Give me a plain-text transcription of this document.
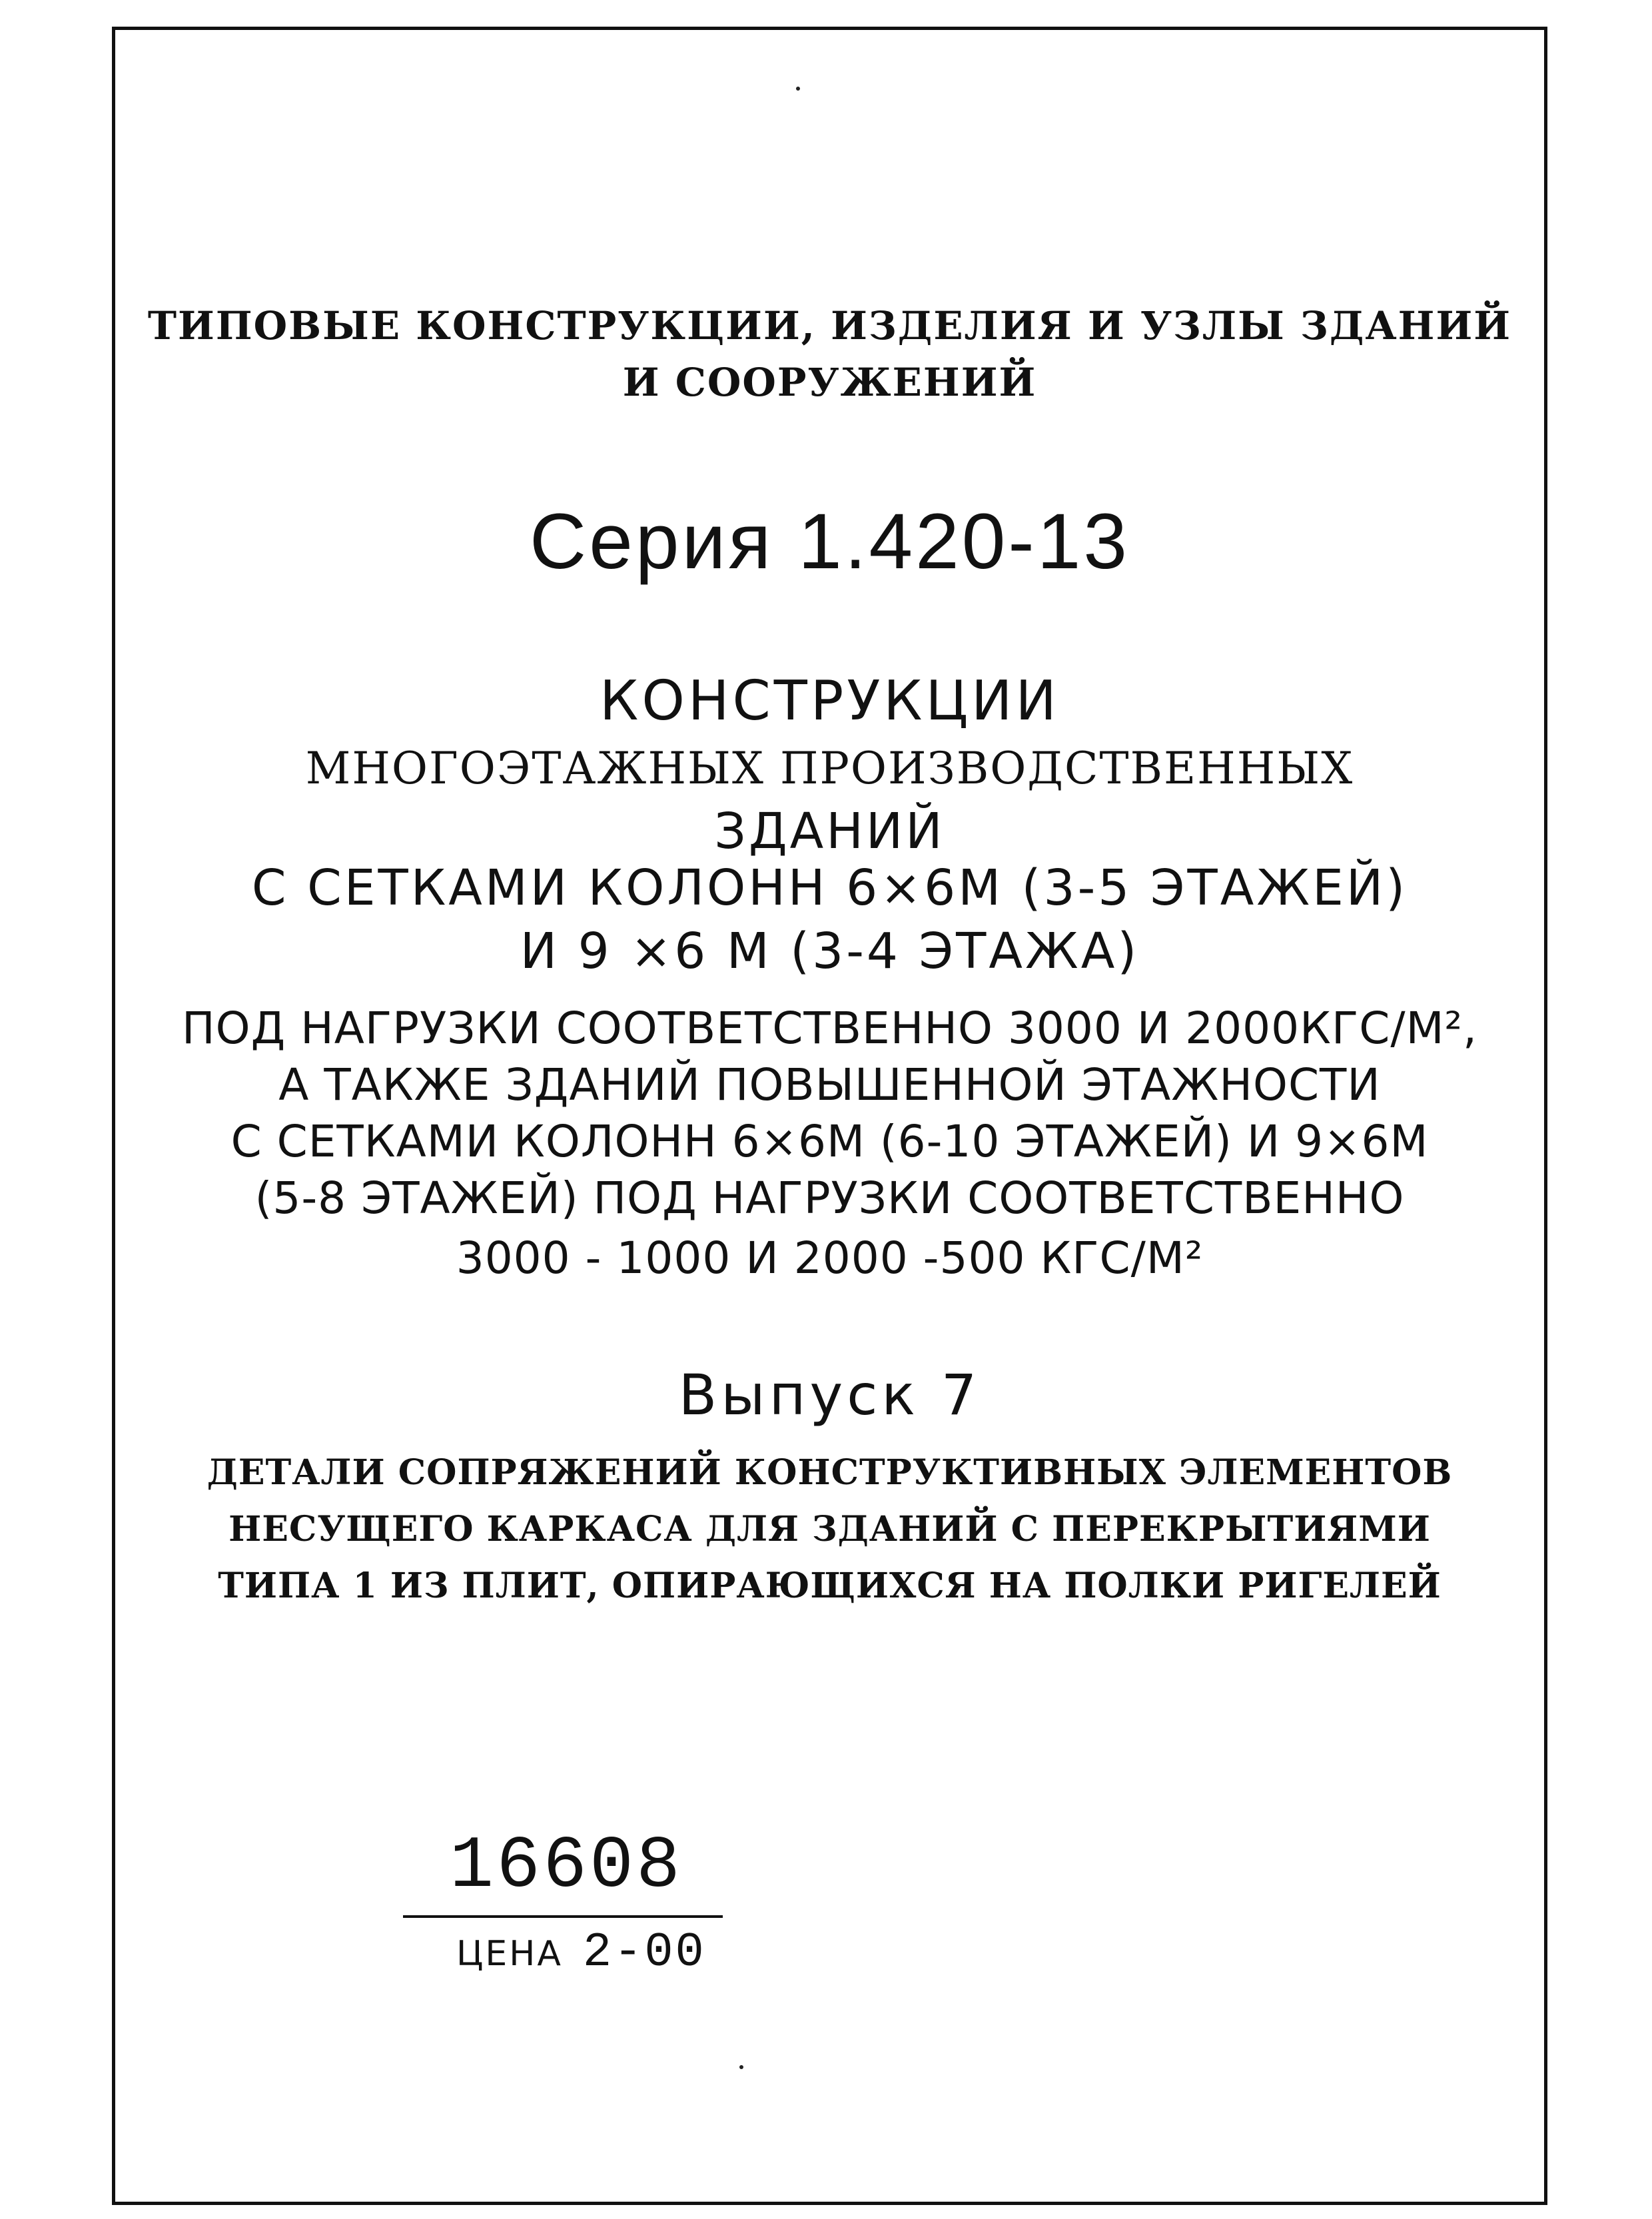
ТИПОВЫЕ КОНСТРУКЦИИ, ИЗДЕЛИЯ И УЗЛЫ ЗДАНИЙ
И СООРУЖЕНИЙ
Серия 1.420-13
КОНСТРУКЦИИ
МНОГОЭТАЖНЫХ ПРОИЗВОДСТВЕННЫХ
ЗДАНИЙ
С СЕТКАМИ КОЛОНН 6×6М (3-5 ЭТАЖЕЙ)
И 9 ×6 М (3-4 ЭТАЖА)
ПОД НАГРУЗКИ СООТВЕТСТВЕННО 3000 И 2000КГС/М²,
А ТАКЖЕ ЗДАНИЙ ПОВЫШЕННОЙ ЭТАЖНОСТИ
С СЕТКАМИ КОЛОНН 6×6М (6-10 ЭТАЖЕЙ) И 9×6М
(5-8 ЭТАЖЕЙ) ПОД НАГРУЗКИ СООТВЕТСТВЕННО
3000 - 1000 И 2000 -500 КГС/М²
Выпуск 7
ДЕТАЛИ СОПРЯЖЕНИЙ КОНСТРУКТИВНЫХ ЭЛЕМЕНТОВ
НЕСУЩЕГО КАРКАСА ДЛЯ ЗДАНИЙ С ПЕРЕКРЫТИЯМИ
ТИПА 1 ИЗ ПЛИТ, ОПИРАЮЩИХСЯ НА ПОЛКИ РИГЕЛЕЙ
16608
ЦЕНА 2-00
